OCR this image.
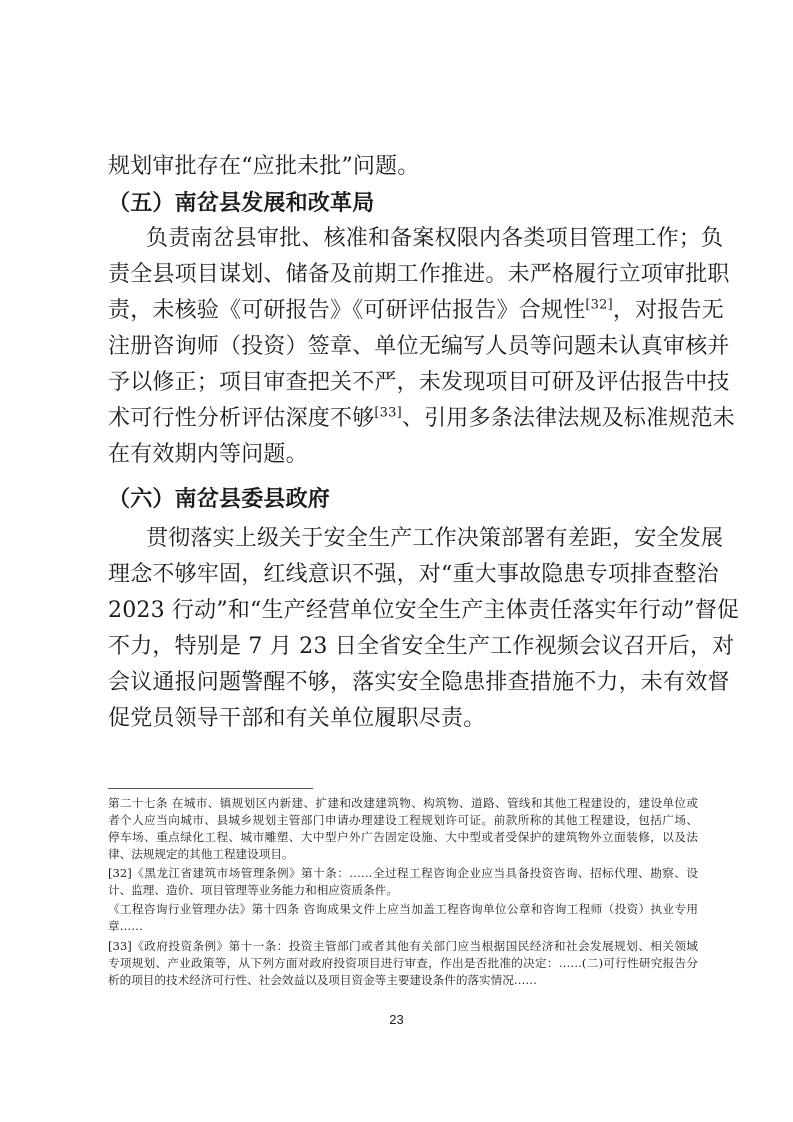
规划审批存在“应批未批”问题。
（五）南岔县发展和改革局
负责南岔县审批、核准和备案权限内各类项目管理工作；负
责全县项目谋划、储备及前期工作推进。未严格履行立项审批职
责，未核验《可研报告》《可研评估报告》合规性[32]，对报告无
注册咨询师（投资）签章、单位无编写人员等问题未认真审核并
予以修正；项目审查把关不严，未发现项目可研及评估报告中技
术可行性分析评估深度不够[33]、引用多条法律法规及标准规范未
在有效期内等问题。
（六）南岔县委县政府
贯彻落实上级关于安全生产工作决策部署有差距，安全发展
理念不够牢固，红线意识不强，对“重大事故隐患专项排查整治
2023 行动”和“生产经营单位安全生产主体责任落实年行动”督促
不力，特别是 7 月 23 日全省安全生产工作视频会议召开后，对
会议通报问题警醒不够，落实安全隐患排查措施不力，未有效督
促党员领导干部和有关单位履职尽责。
第二十七条 在城市、镇规划区内新建、扩建和改建建筑物、构筑物、道路、管线和其他工程建设的，建设单位或
者个人应当向城市、县城乡规划主管部门申请办理建设工程规划许可证。前款所称的其他工程建设，包括广场、
停车场、重点绿化工程、城市雕塑、大中型户外广告固定设施、大中型或者受保护的建筑物外立面装修，以及法
律、法规规定的其他工程建设项目。
[32]《黑龙江省建筑市场管理条例》第十条：……全过程工程咨询企业应当具备投资咨询、招标代理、勘察、设
计、监理、造价、项目管理等业务能力和相应资质条件。
《工程咨询行业管理办法》第十四条 咨询成果文件上应当加盖工程咨询单位公章和咨询工程师（投资）执业专用
章……
[33]《政府投资条例》第十一条：投资主管部门或者其他有关部门应当根据国民经济和社会发展规划、相关领域
专项规划、产业政策等，从下列方面对政府投资项目进行审查，作出是否批准的决定：……(二)可行性研究报告分
析的项目的技术经济可行性、社会效益以及项目资金等主要建设条件的落实情况……
23
